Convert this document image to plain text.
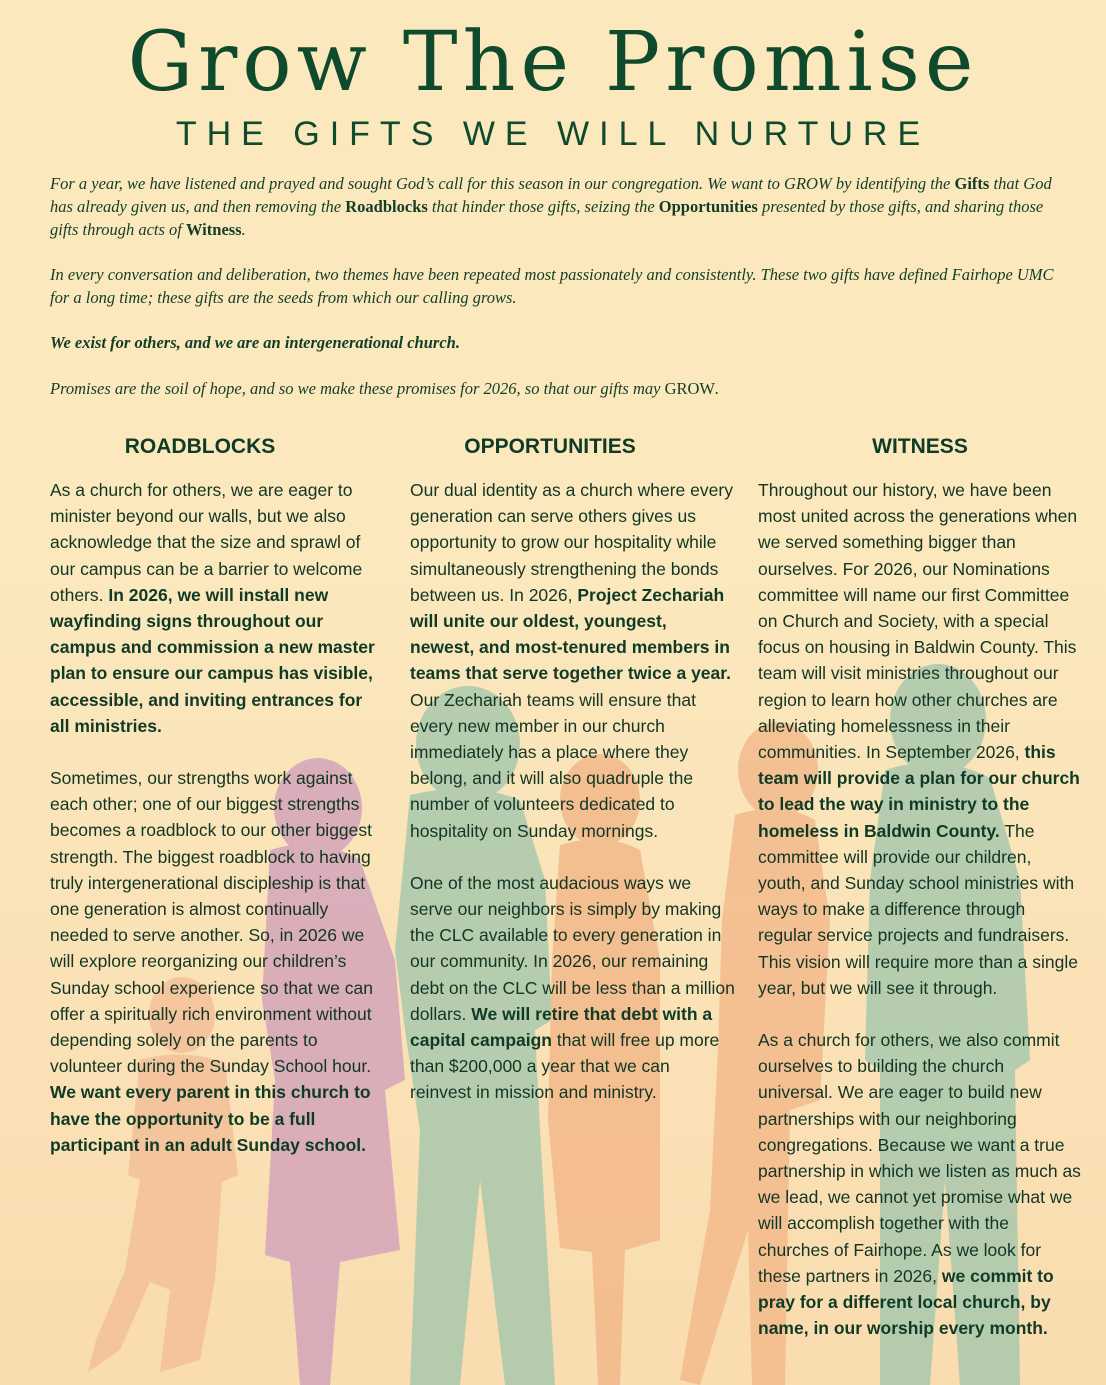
Grow The Promise
THE GIFTS WE WILL NURTURE
For a year, we have listened and prayed and sought God’s call for this season in our congregation. We want to GROW by identifying the Gifts that God has already given us, and then removing the Roadblocks that hinder those gifts, seizing the Opportunities presented by those gifts, and sharing those gifts through acts of Witness.
In every conversation and deliberation, two themes have been repeated most passionately and consistently. These two gifts have defined Fairhope UMC for a long time; these gifts are the seeds from which our calling grows.
We exist for others, and we are an intergenerational church.
Promises are the soil of hope, and so we make these promises for 2026, so that our gifts may GROW.
ROADBLOCKS	OPPORTUNITIES	WITNESS

As a church for others, we are eager to minister beyond our walls, but we also acknowledge that the size and sprawl of our campus can be a barrier to welcome others. In 2026, we will install new wayfinding signs throughout our campus and commission a new master plan to ensure our campus has visible, accessible, and inviting entrances for all ministries.

Sometimes, our strengths work against each other; one of our biggest strengths becomes a roadblock to our other biggest strength. The biggest roadblock to having truly intergenerational discipleship is that one generation is almost continually needed to serve another. So, in 2026 we will explore reorganizing our children’s Sunday school experience so that we can offer a spiritually rich environment without depending solely on the parents to volunteer during the Sunday School hour. We want every parent in this church to have the opportunity to be a full participant in an adult Sunday school.

Our dual identity as a church where every generation can serve others gives us opportunity to grow our hospitality while simultaneously strengthening the bonds between us. In 2026, Project Zechariah will unite our oldest, youngest, newest, and most-tenured members in teams that serve together twice a year. Our Zechariah teams will ensure that every new member in our church immediately has a place where they belong, and it will also quadruple the number of volunteers dedicated to hospitality on Sunday mornings.

One of the most audacious ways we serve our neighbors is simply by making the CLC available to every generation in our community. In 2026, our remaining debt on the CLC will be less than a million dollars. We will retire that debt with a capital campaign that will free up more than $200,000 a year that we can reinvest in mission and ministry.

Throughout our history, we have been most united across the generations when we served something bigger than ourselves. For 2026, our Nominations committee will name our first Committee on Church and Society, with a special focus on housing in Baldwin County. This team will visit ministries throughout our region to learn how other churches are alleviating homelessness in their communities. In September 2026, this team will provide a plan for our church to lead the way in ministry to the homeless in Baldwin County. The committee will provide our children, youth, and Sunday school ministries with ways to make a difference through regular service projects and fundraisers. This vision will require more than a single year, but we will see it through.

As a church for others, we also commit ourselves to building the church universal. We are eager to build new partnerships with our neighboring congregations. Because we want a true partnership in which we listen as much as we lead, we cannot yet promise what we will accomplish together with the churches of Fairhope. As we look for these partners in 2026, we commit to pray for a different local church, by name, in our worship every month.
